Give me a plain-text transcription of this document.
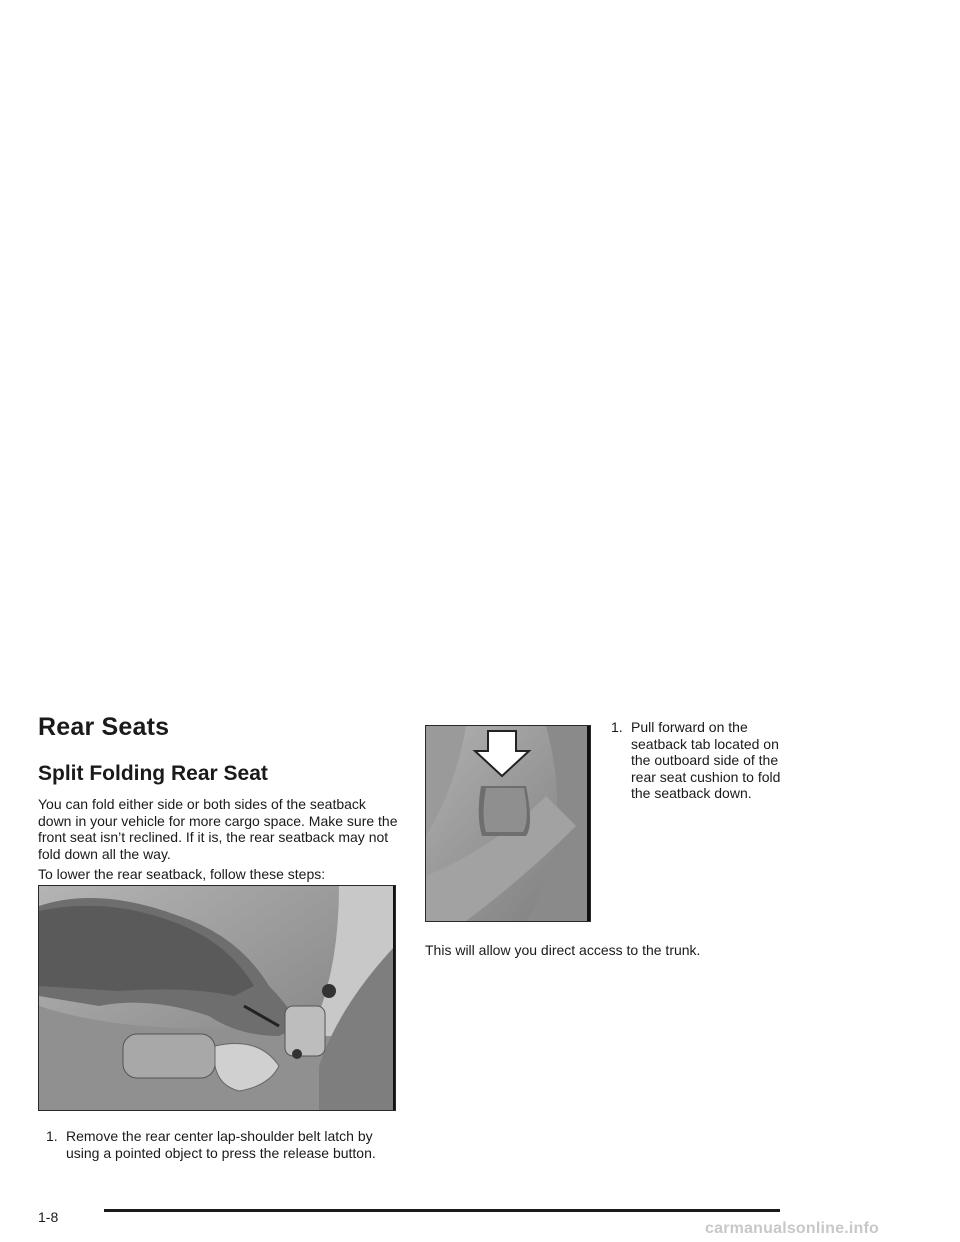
Rear Seats
Split Folding Rear Seat
You can fold either side or both sides of the seatback down in your vehicle for more cargo space. Make sure the front seat isn’t reclined. If it is, the rear seatback may not fold down all the way.
To lower the rear seatback, follow these steps:
1. Remove the rear center lap-shoulder belt latch by using a pointed object to press the release button.
1. Pull forward on the seatback tab located on the outboard side of the rear seat cushion to fold the seatback down.
This will allow you direct access to the trunk.
1-8
carmanualsonline.info
